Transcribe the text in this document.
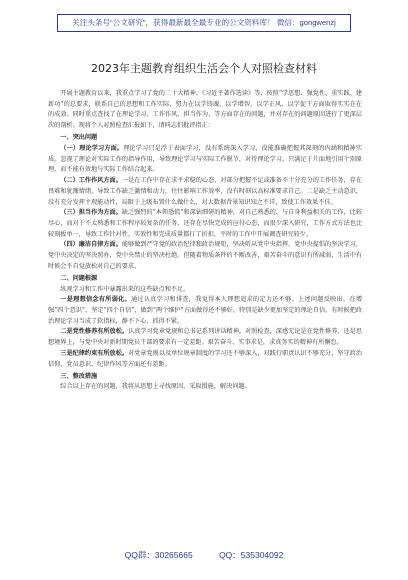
关注头条号“公文研究”，获得最新最全最专业的公文资料库！ 微信：gongwenzj
2023年主题教育组织生活会个人对照检查材料

开展主题教育以来，我重点学习了党的二十大精神、《习近平著作选读》等，按照“学思想、强党性、重实践、建新功”的总要求，联系自己的思想和工作实际，努力在以学铸魂、以学增智、以学正风、以学促干方面取得实实在在的成效。同时重点查找了在理论学习、工作作风、担当作为、等方面存在的问题，并对存在的问题原因进行了更深层次的剖析。现将个人对照检查汇报如下，请同志们批评指正：

一、突出问题

（一）理论学习方面。理论学习只是浮于表面学习，没有系统深入学习，没能准确把握其深刻的内涵和精神实质。忽视了理论对实际工作的指导作用，导致理论学习与实际工作脱节，对待理论学习，只满足于片面地引用个别原理，而不能有效地与实际工作结合起来。

（二）工作作风方面。一是在工作中存在求平求稳的心态，对部分把握不足或准备不十分充分的工作任务，存在畏难和犹豫情绪，导致工作缺乏激情和动力，往往影响工作效率，没有时刻以高标准要求自己。二是缺乏主动意识，没有充分发挥主观能动性，局限于上级布置什么做什么，对大数据背景知识知之不详，致使工作效果不佳。

（三）担当作为方面。缺乏强烈的“本领恐慌”和深钻细研的精神，对自己熟悉的、与自身利益相关的工作，比较尽心，而对于不太熟悉和工作程序较复杂的任务，还存在尽快完成的应付心态，而很少深入研究，工作方式方法也比较刻板单一，导致工作针对性、实效性和完成质量都打了折扣。平时的工作中开展调查研究较少。

（四）廉洁自律方面。能够做到严守党的政治纪律和政治规矩，坚决听从党中央指挥，党中央提倡的坚决学习，党中央决定的坚决照办，党中央禁止的坚决杜绝。但随着物质条件的不断改善，艰苦奋斗的意识有所减弱，生活中有时候会不自觉放松对自己的要求。

二、问题根源

纵观学习和工作中暴露出来的这些缺点和不足。

一是理想信念有所弱化。通过认真学习和排查，我觉得本人理想追求的定力还不够。上述问题反映出，在增强“四个意识”、坚定“四个自信”、做到“两个维护”方面做得还不够好，特别是缺少更加坚定的理论自信。有时候把政治理论学习当成了软指标，静不下心，抓得不紧。

二是党性修养有所放松。认真学习党章党规和总书记系列讲话精神，对照检查，深感无论是在党性修养、还是思想境界上，与党中央对新时期党员干部的要求有一定差距。艰苦奋斗、实事求是，求真务实的精神有所懈怠。

三是纪律约束有所放松。对党章党规以及单位规章制度的学习还不够深入，对践行职责认识不够充分，坚守政治信仰、党员意识、纪律作风等方面还有差距。

三、整改措施

综合以上存在的问题，我将从思想上寻找原因，采取措施，解决问题。

QQ群：30265665	QQ：535304092
